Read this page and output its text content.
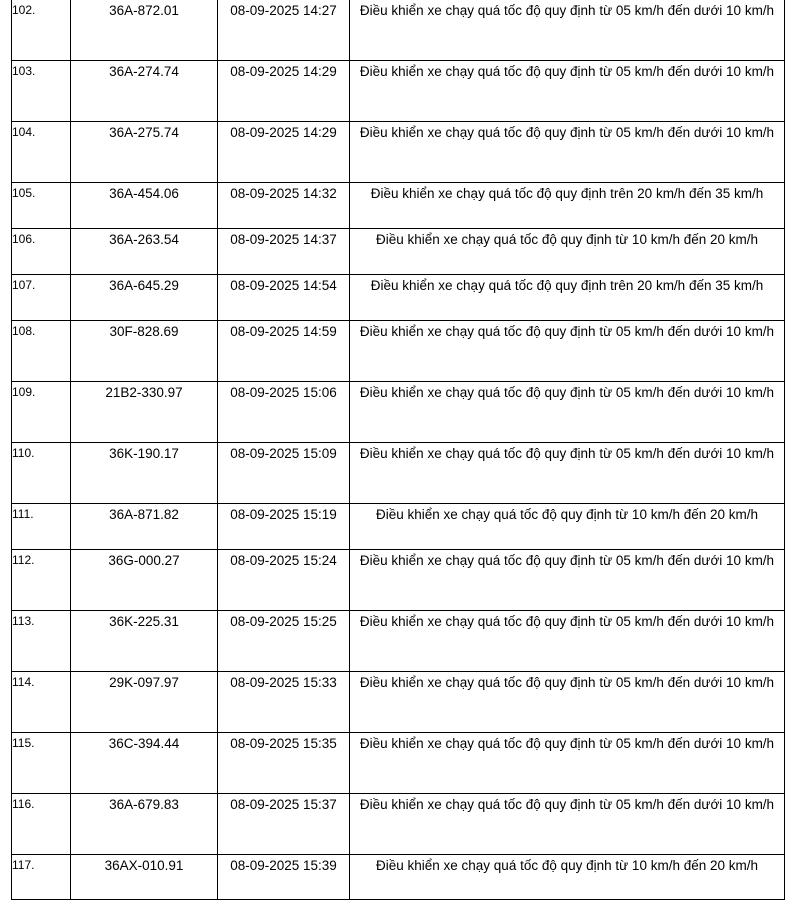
102.	36A-872.01	08-09-2025 14:27	Điều khiển xe chạy quá tốc độ quy định từ 05 km/h đến dưới 10 km/h
103.	36A-274.74	08-09-2025 14:29	Điều khiển xe chạy quá tốc độ quy định từ 05 km/h đến dưới 10 km/h
104.	36A-275.74	08-09-2025 14:29	Điều khiển xe chạy quá tốc độ quy định từ 05 km/h đến dưới 10 km/h
105.	36A-454.06	08-09-2025 14:32	Điều khiển xe chạy quá tốc độ quy định trên 20 km/h đến 35 km/h
106.	36A-263.54	08-09-2025 14:37	Điều khiển xe chạy quá tốc độ quy định từ 10 km/h đến 20 km/h
107.	36A-645.29	08-09-2025 14:54	Điều khiển xe chạy quá tốc độ quy định trên 20 km/h đến 35 km/h
108.	30F-828.69	08-09-2025 14:59	Điều khiển xe chạy quá tốc độ quy định từ 05 km/h đến dưới 10 km/h
109.	21B2-330.97	08-09-2025 15:06	Điều khiển xe chạy quá tốc độ quy định từ 05 km/h đến dưới 10 km/h
110.	36K-190.17	08-09-2025 15:09	Điều khiển xe chạy quá tốc độ quy định từ 05 km/h đến dưới 10 km/h
111.	36A-871.82	08-09-2025 15:19	Điều khiển xe chạy quá tốc độ quy định từ 10 km/h đến 20 km/h
112.	36G-000.27	08-09-2025 15:24	Điều khiển xe chạy quá tốc độ quy định từ 05 km/h đến dưới 10 km/h
113.	36K-225.31	08-09-2025 15:25	Điều khiển xe chạy quá tốc độ quy định từ 05 km/h đến dưới 10 km/h
114.	29K-097.97	08-09-2025 15:33	Điều khiển xe chạy quá tốc độ quy định từ 05 km/h đến dưới 10 km/h
115.	36C-394.44	08-09-2025 15:35	Điều khiển xe chạy quá tốc độ quy định từ 05 km/h đến dưới 10 km/h
116.	36A-679.83	08-09-2025 15:37	Điều khiển xe chạy quá tốc độ quy định từ 05 km/h đến dưới 10 km/h
117.	36AX-010.91	08-09-2025 15:39	Điều khiển xe chạy quá tốc độ quy định từ 10 km/h đến 20 km/h
